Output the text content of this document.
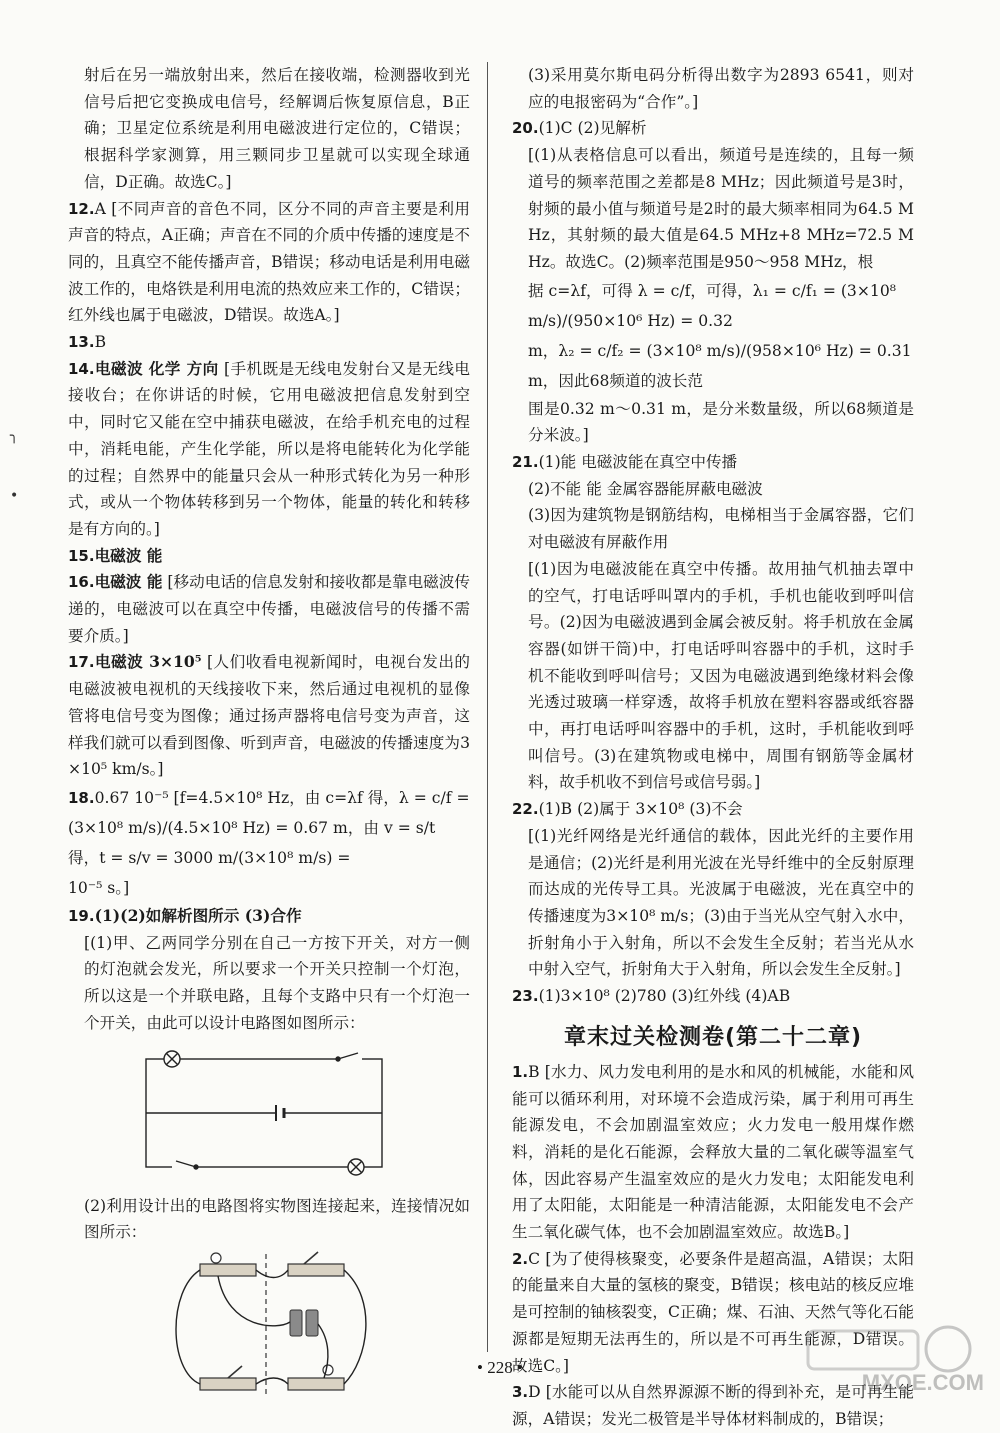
╮
•

射后在另一端放射出来，然后在接收端，检测器收到光信号后把它变换成电信号，经解调后恢复原信息，B正确；卫星定位系统是利用电磁波进行定位的，C错误；根据科学家测算，用三颗同步卫星就可以实现全球通信，D正确。故选C。]

12.A [不同声音的音色不同，区分不同的声音主要是利用声音的特点，A正确；声音在不同的介质中传播的速度是不同的，且真空不能传播声音，B错误；移动电话是利用电磁波工作的，电烙铁是利用电流的热效应来工作的，C错误；红外线也属于电磁波，D错误。故选A。]

13.B

14.电磁波 化学 方向 [手机既是无线电发射台又是无线电接收台；在你讲话的时候，它用电磁波把信息发射到空中，同时它又能在空中捕获电磁波，在给手机充电的过程中，消耗电能，产生化学能，所以是将电能转化为化学能的过程；自然界中的能量只会从一种形式转化为另一种形式，或从一个物体转移到另一个物体，能量的转化和转移是有方向的。]

15.电磁波 能

16.电磁波 能 [移动电话的信息发射和接收都是靠电磁波传递的，电磁波可以在真空中传播，电磁波信号的传播不需要介质。]

17.电磁波 3×10⁵ [人们收看电视新闻时，电视台发出的电磁波被电视机的天线接收下来，然后通过电视机的显像管将电信号变为图像；通过扬声器将电信号变为声音，这样我们就可以看到图像、听到声音，电磁波的传播速度为3×10⁵ km/s。]

18.0.67 10⁻⁵ [f=4.5×10⁸ Hz，由 c=λf 得，λ = c/f =

(3×10⁸ m/s)/(4.5×10⁸ Hz) = 0.67 m，由 v = s/t 得，t = s/v = 3000 m/(3×10⁸ m/s) =

10⁻⁵ s。]

19.(1)(2)如解析图所示 (3)合作

[(1)甲、乙两同学分别在自己一方按下开关，对方一侧的灯泡就会发光，所以要求一个开关只控制一个灯泡，所以这是一个并联电路，且每个支路中只有一个灯泡一个开关，由此可以设计电路图如图所示：

(2)利用设计出的电路图将实物图连接起来，连接情况如图所示：

(3)采用莫尔斯电码分析得出数字为2893 6541，则对应的电报密码为“合作”。]

20.(1)C (2)见解析

[(1)从表格信息可以看出，频道号是连续的，且每一频道号的频率范围之差都是8 MHz；因此频道号是3时，射频的最小值与频道号是2时的最大频率相同为64.5 MHz，其射频的最大值是64.5 MHz+8 MHz=72.5 MHz。故选C。(2)频率范围是950～958 MHz，根

据 c=λf，可得 λ = c/f，可得，λ₁ = c/f₁ = (3×10⁸ m/s)/(950×10⁶ Hz) = 0.32

m，λ₂ = c/f₂ = (3×10⁸ m/s)/(958×10⁶ Hz) = 0.31 m，因此68频道的波长范

围是0.32 m～0.31 m，是分米数量级，所以68频道是分米波。]

21.(1)能 电磁波能在真空中传播

(2)不能 能 金属容器能屏蔽电磁波

(3)因为建筑物是钢筋结构，电梯相当于金属容器，它们对电磁波有屏蔽作用

[(1)因为电磁波能在真空中传播。故用抽气机抽去罩中的空气，打电话呼叫罩内的手机，手机也能收到呼叫信号。(2)因为电磁波遇到金属会被反射。将手机放在金属容器(如饼干筒)中，打电话呼叫容器中的手机，这时手机不能收到呼叫信号；又因为电磁波遇到绝缘材料会像光透过玻璃一样穿透，故将手机放在塑料容器或纸容器中，再打电话呼叫容器中的手机，这时，手机能收到呼叫信号。(3)在建筑物或电梯中，周围有钢筋等金属材料，故手机收不到信号或信号弱。]

22.(1)B (2)属于 3×10⁸ (3)不会

[(1)光纤网络是光纤通信的载体，因此光纤的主要作用是通信；(2)光纤是利用光波在光导纤维中的全反射原理而达成的光传导工具。光波属于电磁波，光在真空中的传播速度为3×10⁸ m/s；(3)由于当光从空气射入水中，折射角小于入射角，所以不会发生全反射；若当光从水中射入空气，折射角大于入射角，所以会发生全反射。]

23.(1)3×10⁸ (2)780 (3)红外线 (4)AB

章末过关检测卷(第二十二章)

1.B [水力、风力发电利用的是水和风的机械能，水能和风能可以循环利用，对环境不会造成污染，属于利用可再生能源发电，不会加剧温室效应；火力发电一般用煤作燃料，消耗的是化石能源，会释放大量的二氧化碳等温室气体，因此容易产生温室效应的是火力发电；太阳能发电利用了太阳能，太阳能是一种清洁能源，太阳能发电不会产生二氧化碳气体，也不会加剧温室效应。故选B。]

2.C [为了使得核聚变，必要条件是超高温，A错误；太阳的能量来自大量的氢核的聚变，B错误；核电站的核反应堆是可控制的铀核裂变，C正确；煤、石油、天然气等化石能源都是短期无法再生的，所以是不可再生能源，D错误。故选C。]

3.D [水能可以从自然界源源不断的得到补充，是可再生能源，A错误；发光二极管是半导体材料制成的，B错误；

• 228 •
MXQE.COM
